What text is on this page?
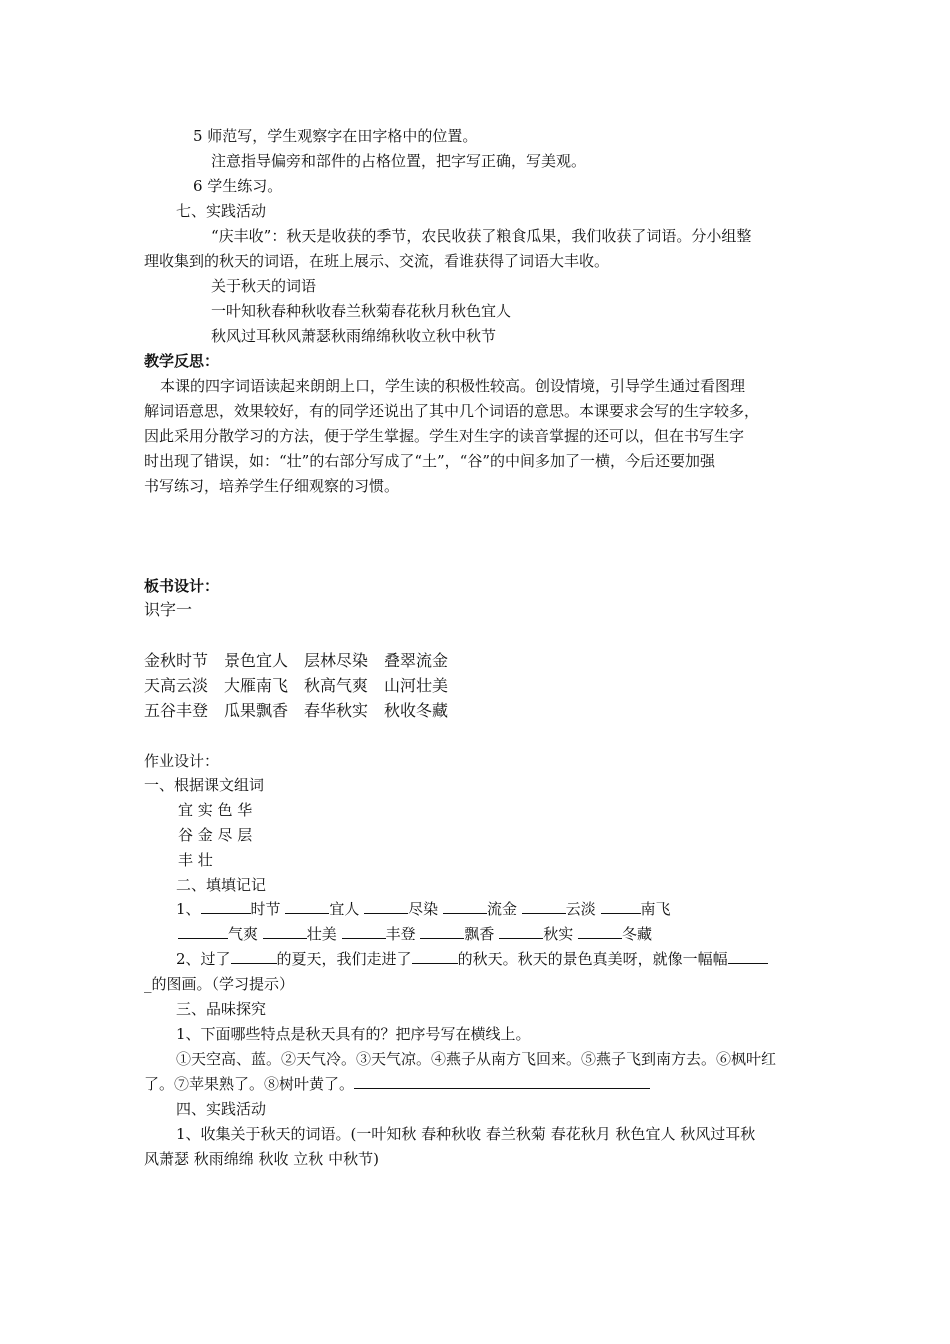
5 师范写，学生观察字在田字格中的位置。
注意指导偏旁和部件的占格位置，把字写正确，写美观。
6 学生练习。
七、实践活动
“庆丰收”：秋天是收获的季节，农民收获了粮食瓜果，我们收获了词语。分小组整
理收集到的秋天的词语，在班上展示、交流，看谁获得了词语大丰收。
关于秋天的词语
一叶知秋春种秋收春兰秋菊春花秋月秋色宜人
秋风过耳秋风萧瑟秋雨绵绵秋收立秋中秋节
教学反思：
本课的四字词语读起来朗朗上口，学生读的积极性较高。创设情境，引导学生通过看图理
解词语意思，效果较好，有的同学还说出了其中几个词语的意思。本课要求会写的生字较多，
因此采用分散学习的方法，便于学生掌握。学生对生字的读音掌握的还可以，但在书写生字
时出现了错误，如：“壮”的右部分写成了“土”，“谷”的中间多加了一横，今后还要加强
书写练习，培养学生仔细观察的习惯。
板书设计：
识字一
金秋时节　景色宜人　层林尽染　叠翠流金
天高云淡　大雁南飞　秋高气爽　山河壮美
五谷丰登　瓜果飘香　春华秋实　秋收冬藏
作业设计：
一、根据课文组词
宜 实 色 华
谷 金 尽 层
丰 壮
二、填填记记
1、	时节	宜人	尽染	流金	云淡	南飞
气爽	壮美	丰登	飘香	秋实	冬藏
2、过了	的夏天，我们走进了	的秋天。秋天的景色真美呀，就像一幅幅
_的图画。（学习提示）
三、品味探究
1、下面哪些特点是秋天具有的？把序号写在横线上。
①天空高、蓝。②天气冷。③天气凉。④燕子从南方飞回来。⑤燕子飞到南方去。⑥枫叶红
了。⑦苹果熟了。⑧树叶黄了。
四、实践活动
1、收集关于秋天的词语。(一叶知秋 春种秋收 春兰秋菊 春花秋月 秋色宜人 秋风过耳秋
风萧瑟 秋雨绵绵 秋收 立秋 中秋节)
